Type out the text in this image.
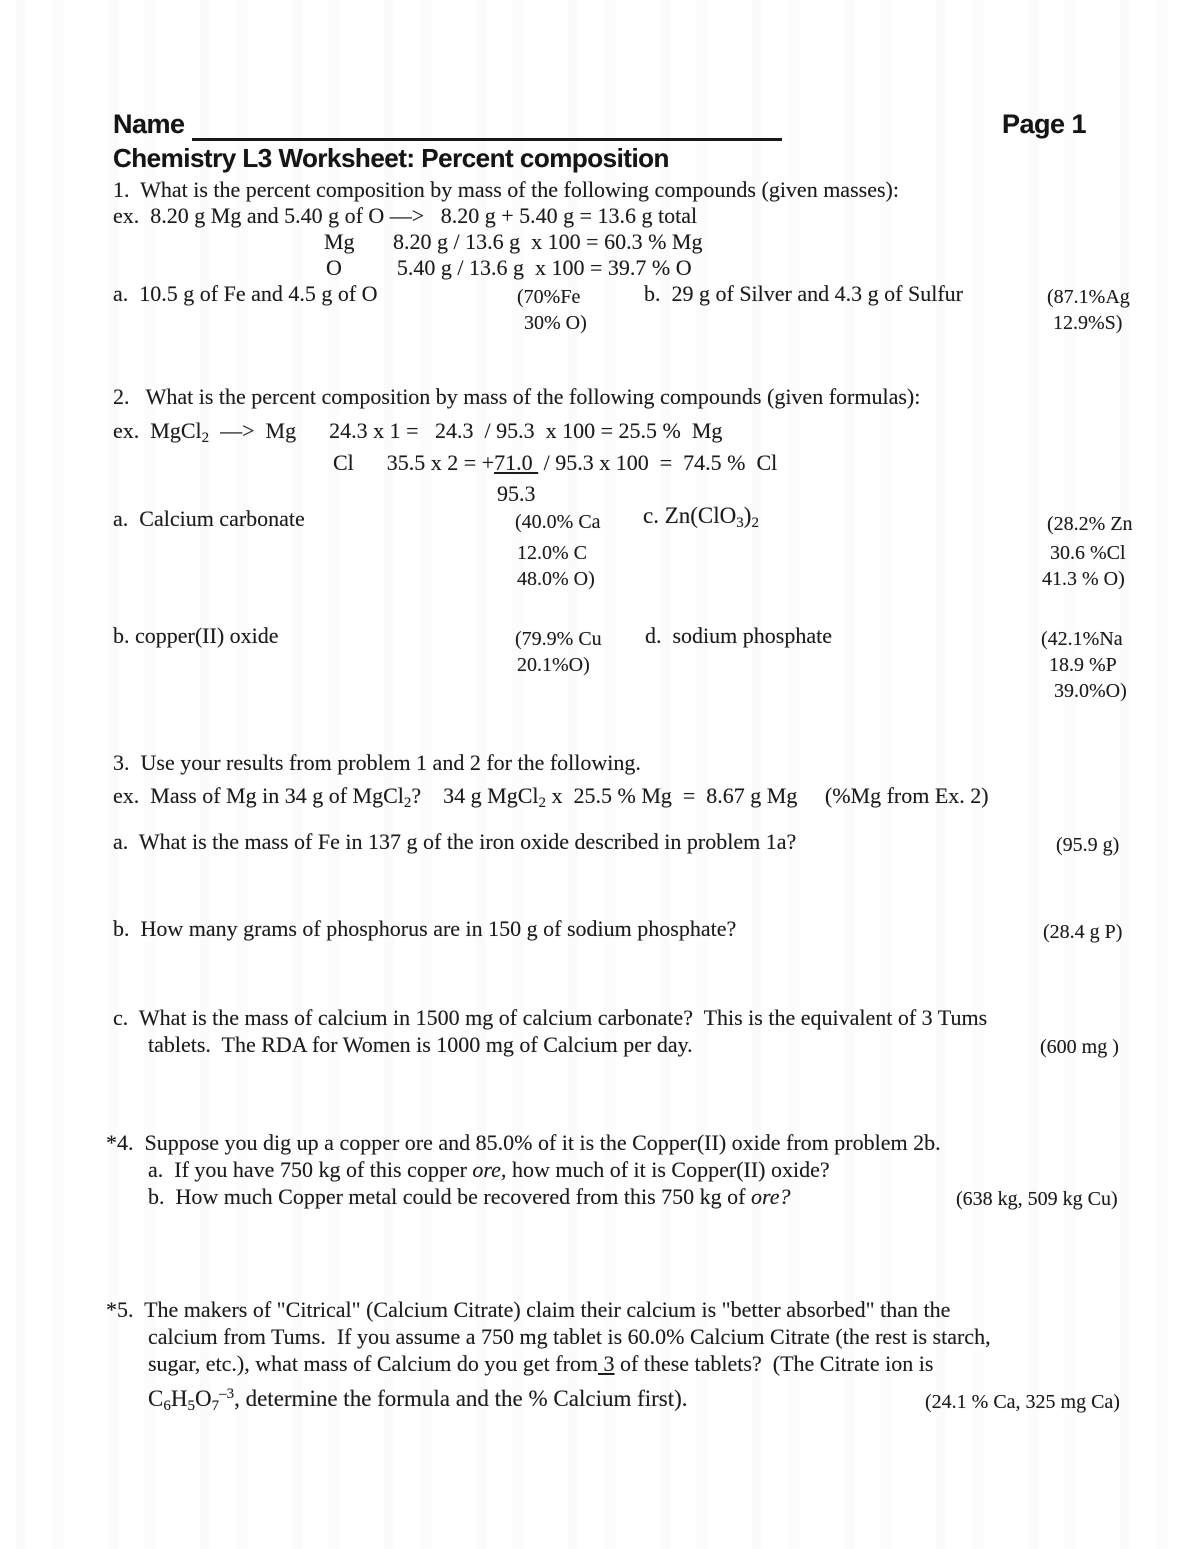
Name	Page 1
Chemistry L3 Worksheet: Percent composition
1.  What is the percent composition by mass of the following compounds (given masses):
ex.  8.20 g Mg and 5.40 g of O —>   8.20 g + 5.40 g = 13.6 g total
Mg       8.20 g / 13.6 g  x 100 = 60.3 % Mg
O          5.40 g / 13.6 g  x 100 = 39.7 % O
a.  10.5 g of Fe and 4.5 g of O	(70%Fe	b.  29 g of Silver and 4.3 g of Sulfur	(87.1%Ag
30% O)	12.9%S)
2.   What is the percent composition by mass of the following compounds (given formulas):
ex.  MgCl$_2$  —>  Mg      24.3 x 1 =   24.3  / 95.3  x 100 = 25.5 %  Mg
Cl      35.5 x 2 = +71.0  / 95.3 x 100  =  74.5 %  Cl
95.3
a.  Calcium carbonate	(40.0% Ca c. $Zn(ClO_3)_2$	(28.2% Zn
12.0% C	30.6 %Cl
48.0% O)	41.3 % O)
b. copper(II) oxide	(79.9% Cu d.  sodium phosphate	(42.1%Na
20.1%O)	18.9 %P
39.0%O)
3.  Use your results from problem 1 and 2 for the following.
ex.  Mass of Mg in 34 g of MgCl$_2$?    34 g MgCl$_2$ x  25.5 % Mg  =  8.67 g Mg     (%Mg from Ex. 2)
a.  What is the mass of Fe in 137 g of the iron oxide described in problem 1a?	(95.9 g)
b.  How many grams of phosphorus are in 150 g of sodium phosphate?	(28.4 g P)
c.  What is the mass of calcium in 1500 mg of calcium carbonate?  This is the equivalent of 3 Tums
tablets.  The RDA for Women is 1000 mg of Calcium per day.	(600 mg )
*4.  Suppose you dig up a copper ore and 85.0% of it is the Copper(II) oxide from problem 2b.
a.  If you have 750 kg of this copper ore, how much of it is Copper(II) oxide?
b.  How much Copper metal could be recovered from this 750 kg of ore?	(638 kg, 509 kg Cu)
*5.  The makers of "Citrical" (Calcium Citrate) claim their calcium is "better absorbed" than the
calcium from Tums.  If you assume a 750 mg tablet is 60.0% Calcium Citrate (the rest is starch,
sugar, etc.), what mass of Calcium do you get from 3 of these tablets?  (The Citrate ion is
$C_6H_5O_7^{-3}$, determine the formula and the % Calcium first).	(24.1 % Ca, 325 mg Ca)
